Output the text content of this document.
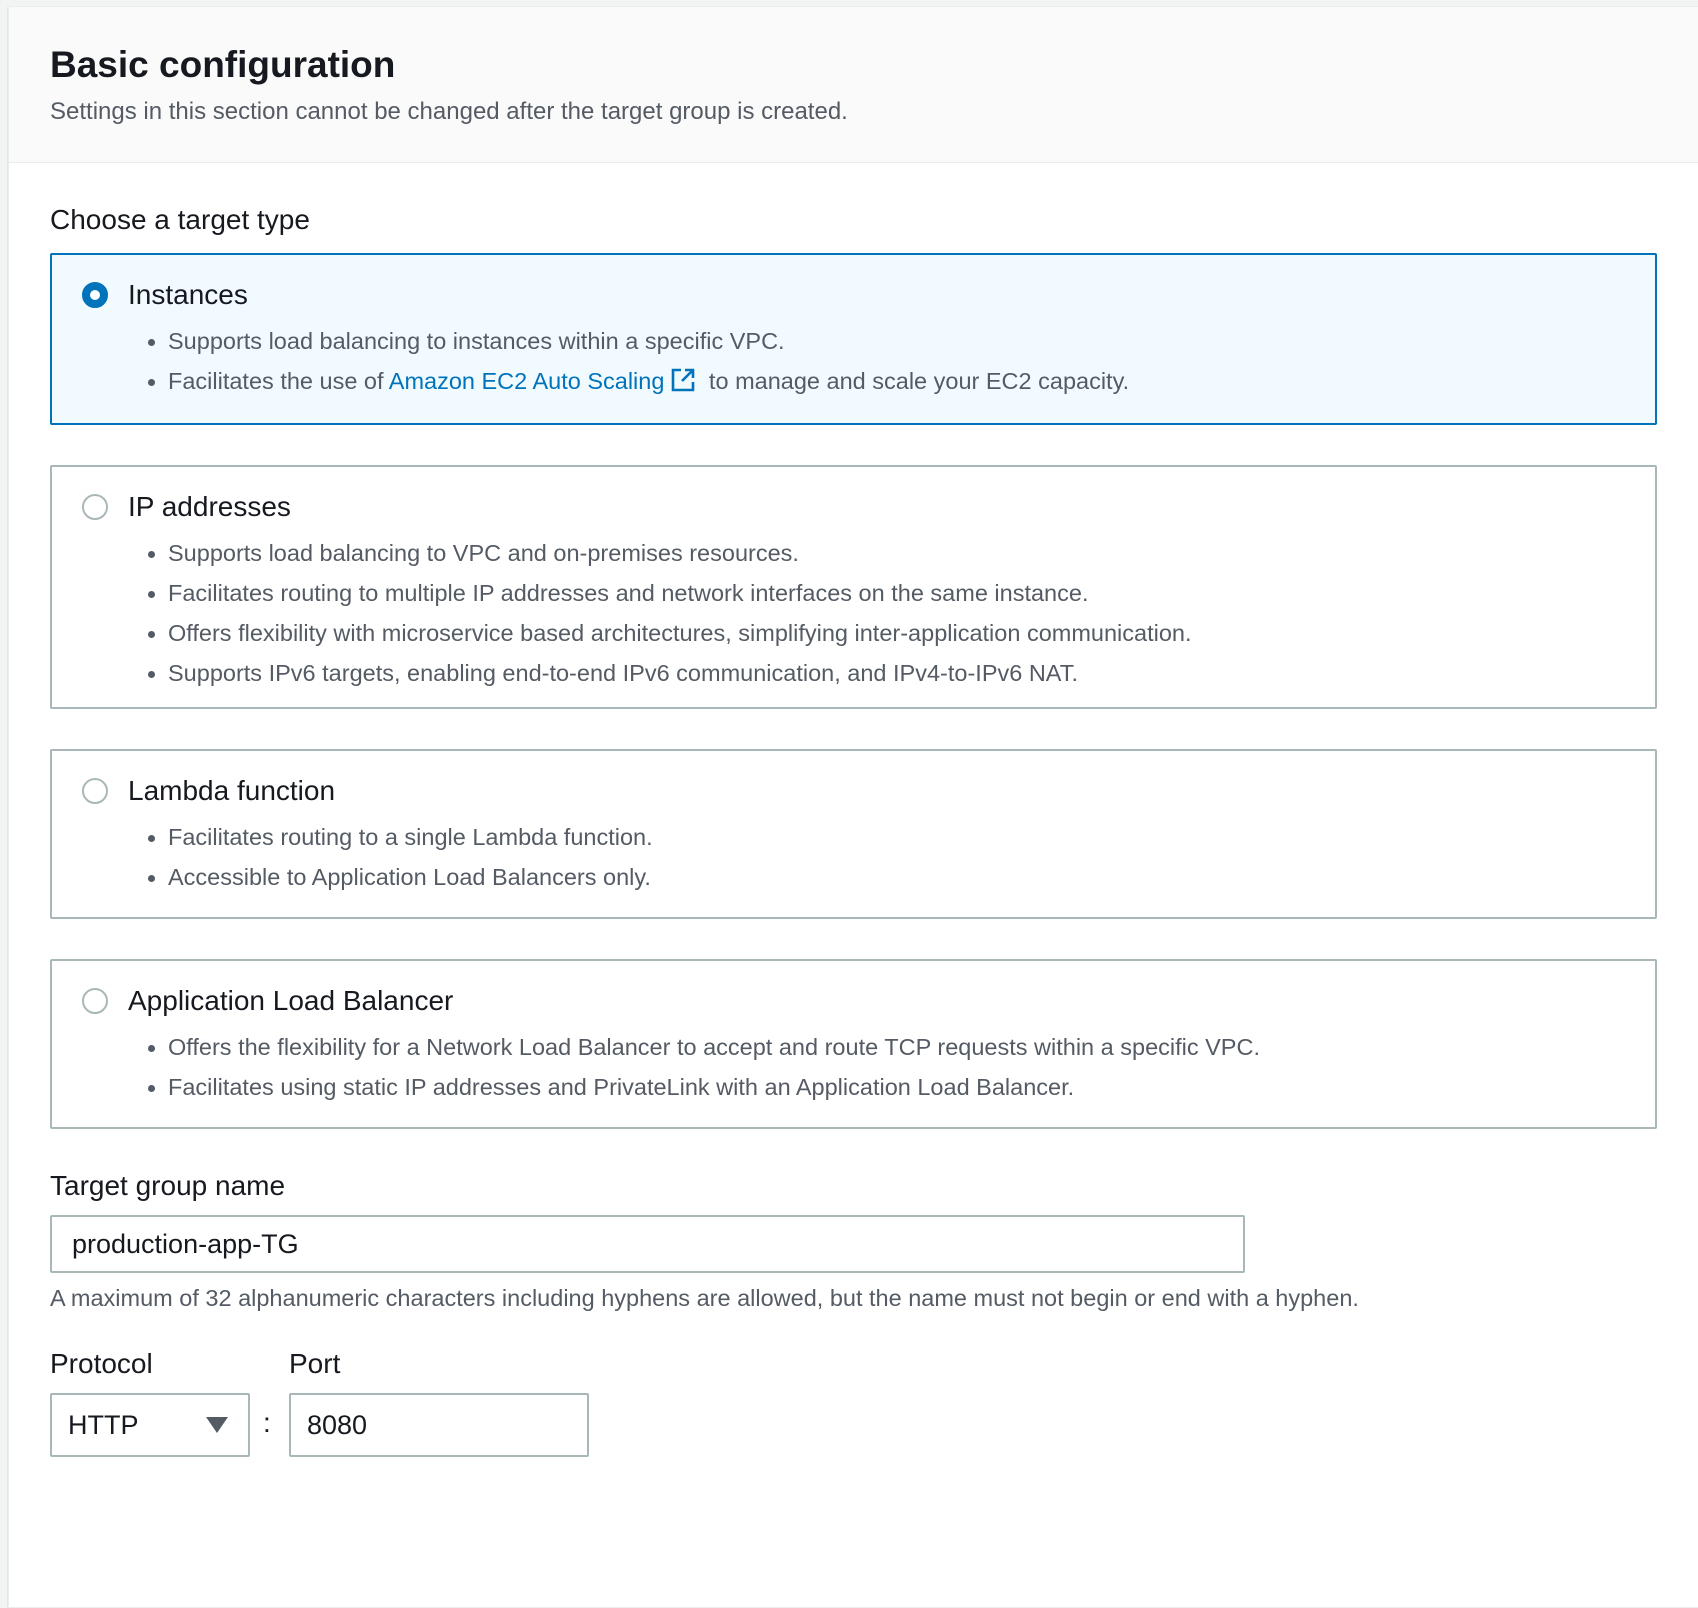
Basic configuration
Settings in this section cannot be changed after the target group is created.
Choose a target type
Instances
Supports load balancing to instances within a specific VPC.
Facilitates the use of Amazon EC2 Auto Scaling to manage and scale your EC2 capacity.
IP addresses
Supports load balancing to VPC and on-premises resources.
Facilitates routing to multiple IP addresses and network interfaces on the same instance.
Offers flexibility with microservice based architectures, simplifying inter-application communication.
Supports IPv6 targets, enabling end-to-end IPv6 communication, and IPv4-to-IPv6 NAT.
Lambda function
Facilitates routing to a single Lambda function.
Accessible to Application Load Balancers only.
Application Load Balancer
Offers the flexibility for a Network Load Balancer to accept and route TCP requests within a specific VPC.
Facilitates using static IP addresses and PrivateLink with an Application Load Balancer.
Target group name
production-app-TG
A maximum of 32 alphanumeric characters including hyphens are allowed, but the name must not begin or end with a hyphen.
Protocol
HTTP	:
Port
8080
